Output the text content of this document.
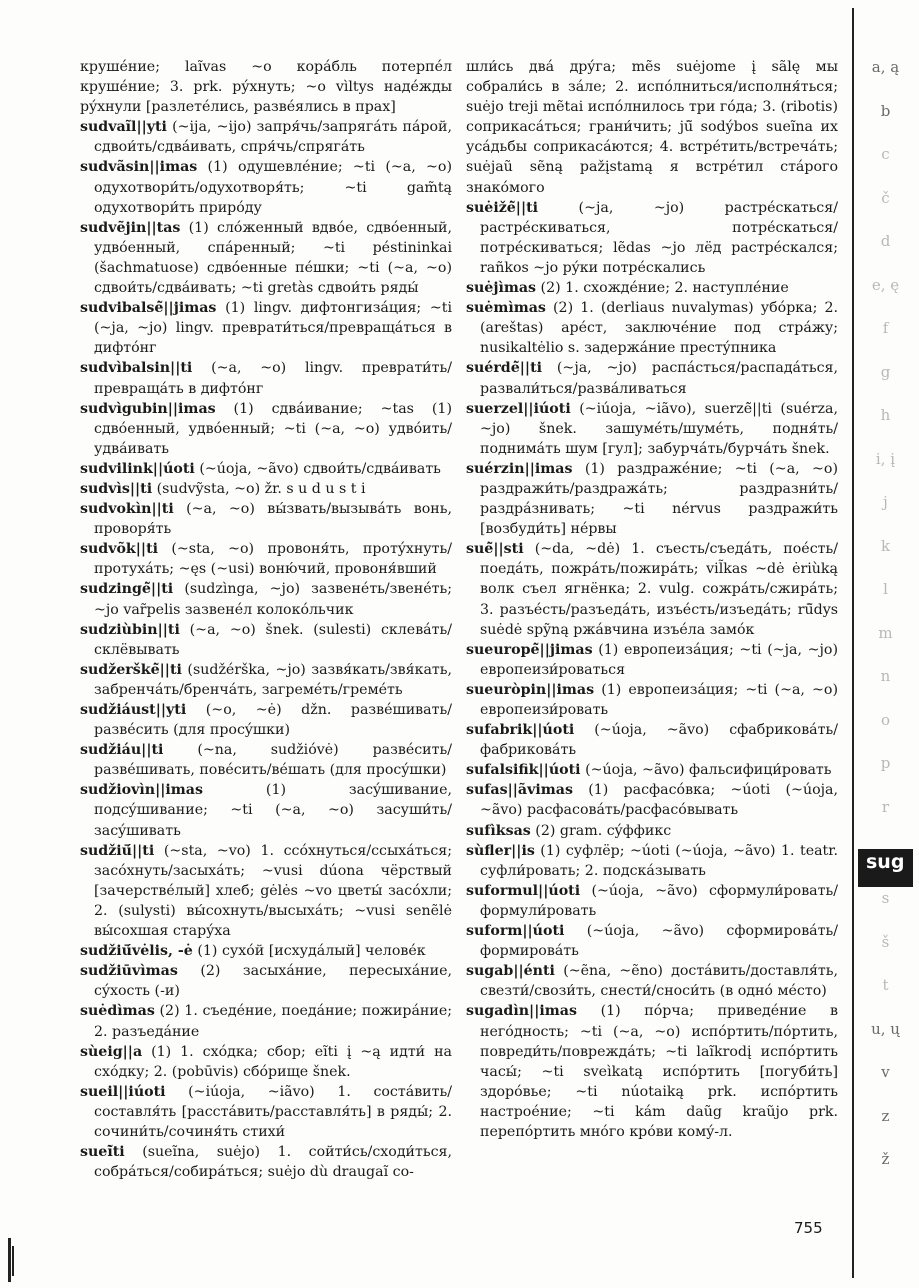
крушéние; laĩvas ~o корáбль потерпéл крушéние; 3. prk. рýхнуть; ~o vìltys надéжды рýхнули [разлетéлись, развéялись в прах]

sudvaĩl||yti (~ija, ~ijo) запря́чь/запрягáть пáрой, сдвои́ть/сдвáивать, спря́чь/спрягáть

sudvãsin||imas (1) одушевлéние; ~ti (~a, ~o) одухотвори́ть/одухотворя́ть; ~ti gam̃tą одухотвори́ть прирóду

sudvẽjin||tas (1) слóженный вдвóе, сдвóенный, удвóенный, спáренный; ~ti péstininkai (šachmatuose) сдвóенные пéшки; ~ti (~a, ~o) сдвои́ть/сдвáивать; ~ti gretàs сдвои́ть ряды́

sudvibalsė̃||jimas (1) lingv. дифтонгизáция; ~ti (~ja, ~jo) lingv. преврати́ться/превращáться в дифтóнг

sudvìbalsin||ti (~a, ~o) lingv. преврати́ть/превращáть в дифтóнг

sudvìgubin||imas (1) сдвáивание; ~tas (1) сдвóенный, удвóенный; ~ti (~a, ~o) удвóить/удвáивать

sudvilink||úoti (~úoja, ~ãvo) сдвои́ть/сдвáивать

sudvìs||ti (sudvỹsta, ~o) žr. s u d u s t i

sudvokìn||ti (~a, ~o) вы́звать/вызывáть вонь, проворя́ть

sudvõk||ti (~sta, ~o) провоня́ть, протýхнуть/протухáть; ~ęs (~usi) воню́чий, провоня́вший

sudzingė̃||ti (sudzìnga, ~jo) зазвенéть/звенéть; ~jo var̃pelis зазвенéл колокóльчик

sudziùbin||ti (~a, ~o) šnek. (sulesti) склевáть/склёвывать

sudžerškė̃||ti (sudžérška, ~jo) зазвя́кать/звя́кать, забренчáть/бренчáть, загремéть/гремéть

sudžiáust||yti (~o, ~ė) džn. развéшивать/развéсить (для просýшки)

sudžiáu||ti (~na, sudžióvė) развéсить/развéшивать, повéсить/вéшать (для просýшки)

sudžiovìn||imas (1) засýшивание, подсýшивание; ~ti (~a, ~o) засуши́ть/засýшивать

sudžiū́||ti (~sta, ~vo) 1. ссóхнуться/ссыхáться; засóхнуть/засыхáть; ~vusi dúona чёрствый [зачерствéлый] хлеб; gėlės ~vo цветы́ засóхли; 2. (sulysti) вы́сохнуть/высыхáть; ~vusi senẽlė вы́сохшая старýха

sudžiū́vėlis, -ė (1) сухóй [исхудáлый] человéк

sudžiūvìmas (2) засыхáние, пересыхáние, сýхость (-и)

suėdìmas (2) 1. съедéние, поедáние; пожирáние; 2. разъедáние

sùeig||a (1) 1. схóдка; сбор; eĩti į ~ą идти́ на схóдку; 2. (pobūvis) сбóрище šnek.

sueil||iúoti (~iúoja, ~iãvo) 1. состáвить/составля́ть [расстáвить/расставля́ть] в ряды́; 2. сочини́ть/сочиня́ть стихи́

suei̇̃ti (sueĩna, suėjo) 1. сойти́сь/сходи́ться, собрáться/собирáться; suėjo dù draugaĩ со-

шли́сь двá дрýга; mẽs suėjome į sãlę мы собрали́сь в зáле; 2. испóлниться/исполня́ться; suėjo treji mẽtai испóлнилось три гóда; 3. (ribotis) соприкасáться; грани́чить; jū̃ sodýbos sueĩna их усáдьбы соприкасáются; 4. встрéтить/встречáть; suėjaũ sẽną pažįstamą я встрéтил стáрого знакóмого

suėižė̃||ti (~ja, ~jo) растрéскаться/растрéскиваться, потрéскаться/потрéскиваться; lẽdas ~jo лёд растрéскался; rañkos ~jo рýки потрéскались

suėjìmas (2) 1. схождéние; 2. наступлéние

suėmìmas (2) 1. (derliaus nuvalymas) убóрка; 2. (areštas) арéст, заключéние под стрáжу; nusikaltėlio s. задержáние престýпника

suérdė̃||ti (~ja, ~jo) распáсться/распадáться, развали́ться/развáливаться

suerzel||iúoti (~iúoja, ~iãvo), suerzė̃||ti (suérza, ~jo) šnek. зашумéть/шумéть, подня́ть/поднимáть шум [гул]; забурчáть/бурчáть šnek.

suérzin||imas (1) раздражéние; ~ti (~a, ~o) раздражи́ть/раздражáть; раздразни́ть/раздрáзнивать; ~ti nérvus раздражи́ть [возбуди́ть] нéрвы

suė̃||sti (~da, ~dė) 1. съесть/съедáть, поéсть/поедáть, пожрáть/пожирáть; vil̃kas ~dė ėriùką волк съел ягнёнка; 2. vulg. сожрáть/сжирáть; 3. разъéсть/разъедáть, изъéсть/изъедáть; rū̃dys suėdė spỹną ржáвчина изъéла замóк

sueuropė̃||jimas (1) европеизáция; ~ti (~ja, ~jo) европеизи́роваться

sueuròpin||imas (1) европеизáция; ~ti (~a, ~o) европеизи́ровать

sufabrik||úoti (~úoja, ~ãvo) сфабриковáть/фабриковáть

sufalsifik||úoti (~úoja, ~ãvo) фальсифици́ровать

sufas||ãvimas (1) расфасóвка; ~úoti (~úoja, ~ãvo) расфасовáть/расфасóвывать

sufìksas (2) gram. сýффикс

sùfler||is (1) суфлёр; ~úoti (~úoja, ~ãvo) 1. teatr. суфли́ровать; 2. подскáзывать

suformul||úoti (~úoja, ~ãvo) сформули́ровать/формули́ровать

suform||úoti (~úoja, ~ãvo) сформировáть/формировáть

sugab||énti (~ẽna, ~ẽno) достáвить/доставля́ть, свезти́/свози́ть, снести́/сноси́ть (в однó мéсто)

sugadìn||imas (1) пóрча; приведéние в негóдность; ~ti (~a, ~o) испóртить/пóртить, повреди́ть/повреждáть; ~ti laĩkrodį испóртить часы́; ~ti sveìkatą испóртить [погуби́ть] здорóвье; ~ti núotaiką prk. испóртить настроéние; ~ti kám daũg kraũjo prk. перепóртить мнóго крóви комý-л.

a, ą
b
c
č
d
e, ę
f
g
h
i, į
j
k
l
m
n
o
p
r
sug
s
š
t
u, ų
v
z
ž
755
